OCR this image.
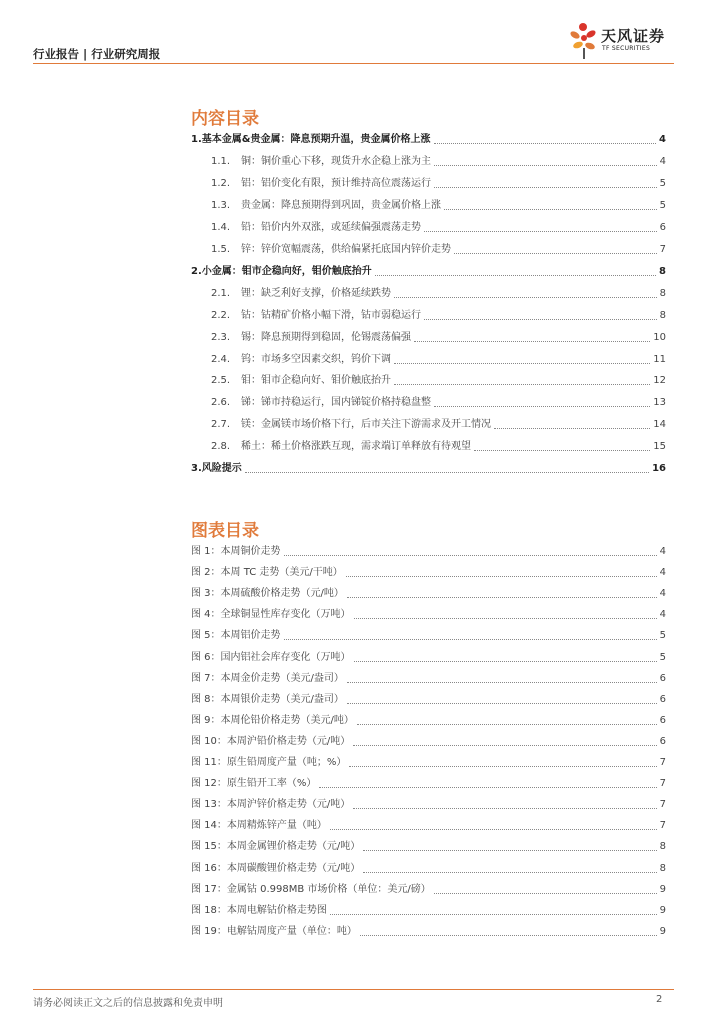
行业报告 | 行业研究周报
天风证券
TF SECURITIES
内容目录
1. 基本金属&贵金属：降息预期升温，贵金属价格上涨	4
1.1.	铜：铜价重心下移，现货升水企稳上涨为主	4
1.2.	铝：铝价变化有限，预计维持高位震荡运行	5
1.3.	贵金属：降息预期得到巩固，贵金属价格上涨	5
1.4.	铅：铅价内外双涨，或延续偏强震荡走势	6
1.5.	锌：锌价宽幅震荡，供给偏紧托底国内锌价走势	7
2. 小金属：钼市企稳向好，钼价触底抬升	8
2.1.	锂：缺乏利好支撑，价格延续跌势	8
2.2.	钴：钴精矿价格小幅下滑，钴市弱稳运行	8
2.3.	锡：降息预期得到稳固，伦锡震荡偏强	10
2.4.	钨：市场多空因素交织，钨价下调	11
2.5.	钼：钼市企稳向好、钼价触底抬升	12
2.6.	锑：锑市持稳运行，国内锑锭价格持稳盘整	13
2.7.	镁：金属镁市场价格下行，后市关注下游需求及开工情况	14
2.8.	稀土：稀土价格涨跌互现，需求端订单释放有待观望	15
3. 风险提示	16
图表目录
图 1：本周铜价走势	4
图 2：本周 TC 走势（美元/干吨）	4
图 3：本周硫酸价格走势（元/吨）	4
图 4：全球铜显性库存变化（万吨）	4
图 5：本周铝价走势	5
图 6：国内铝社会库存变化（万吨）	5
图 7：本周金价走势（美元/盎司）	6
图 8：本周银价走势（美元/盎司）	6
图 9：本周伦铅价格走势（美元/吨）	6
图 10：本周沪铅价格走势（元/吨）	6
图 11：原生铅周度产量（吨；%）	7
图 12：原生铅开工率（%）	7
图 13：本周沪锌价格走势（元/吨）	7
图 14：本周精炼锌产量（吨）	7
图 15：本周金属锂价格走势（元/吨）	8
图 16：本周碳酸锂价格走势（元/吨）	8
图 17：金属钴 0.998MB 市场价格（单位：美元/磅）	9
图 18：本周电解钴价格走势图	9
图 19：电解钴周度产量（单位：吨）	9
请务必阅读正文之后的信息披露和免责申明	2
